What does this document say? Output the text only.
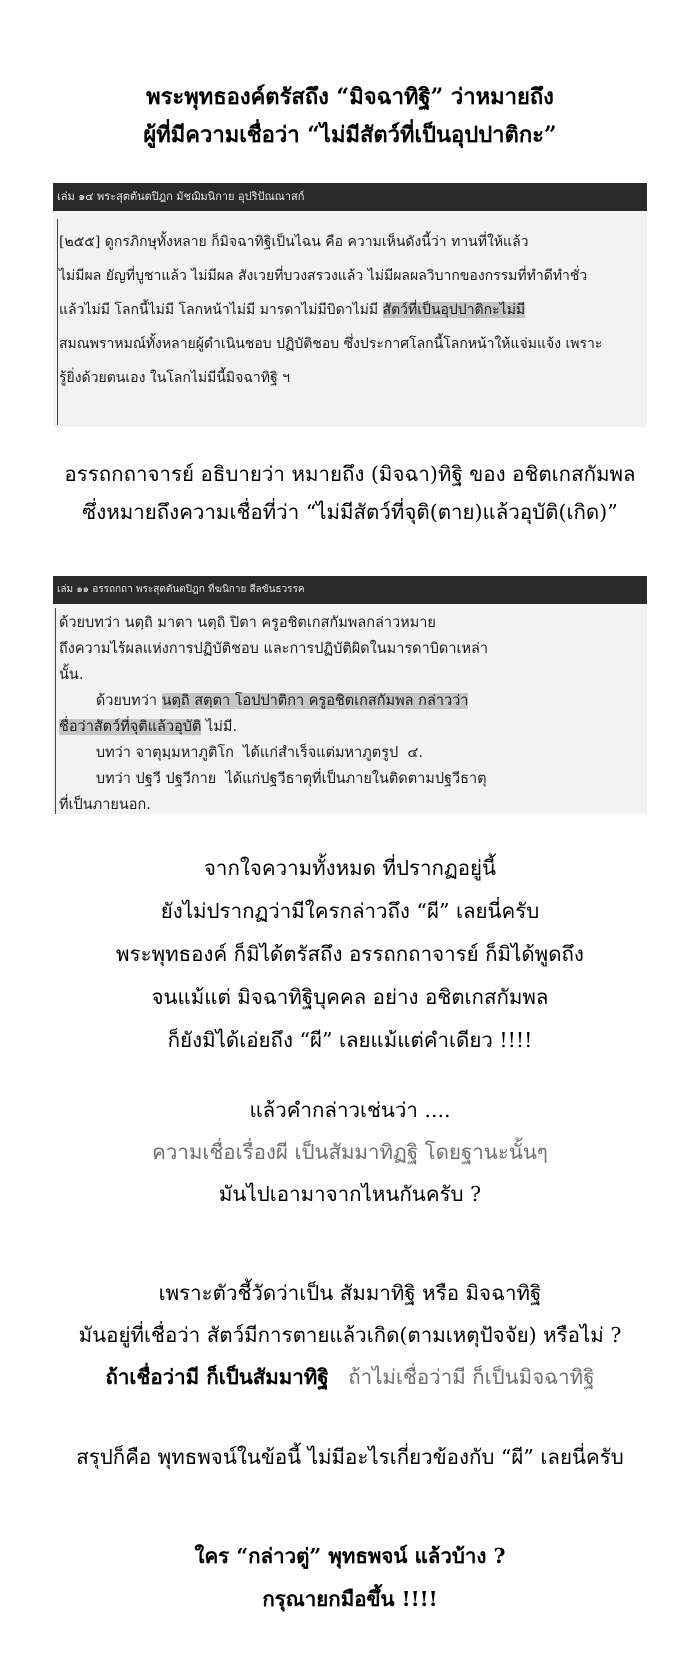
พระพุทธองค์ตรัสถึง “มิจฉาทิฐิ” ว่าหมายถึง
ผู้ที่มีความเชื่อว่า “ไม่มีสัตว์ที่เป็นอุปปาติกะ”
เล่ม ๑๔ พระสุตตันตปิฎก มัชฌิมนิกาย อุปริปัณณาสก์
[๒๕๕] ดูกรภิกษุทั้งหลาย ก็มิจฉาทิฐิเป็นไฉน คือ ความเห็นดังนี้ว่า ทานที่ให้แล้ว
ไม่มีผล ยัญที่บูชาแล้ว ไม่มีผล สังเวยที่บวงสรวงแล้ว ไม่มีผลผลวิบากของกรรมที่ทำดีทำชั่ว
แล้วไม่มี โลกนี้ไม่มี โลกหน้าไม่มี มารดาไม่มีบิดาไม่มี สัตว์ที่เป็นอุปปาติกะไม่มี
สมณพราหมณ์ทั้งหลายผู้ดำเนินชอบ ปฏิบัติชอบ ซึ่งประกาศโลกนี้โลกหน้าให้แจ่มแจ้ง เพราะ
รู้ยิ่งด้วยตนเอง ในโลกไม่มีนี้มิจฉาทิฐิ ฯ
อรรถกถาจารย์ อธิบายว่า หมายถึง (มิจฉา)ทิฐิ ของ อชิตเกสกัมพล
ซึ่งหมายถึงความเชื่อที่ว่า “ไม่มีสัตว์ที่จุติ(ตาย)แล้วอุบัติ(เกิด)”
เล่ม ๑๑ อรรถกถา พระสุตตันตปิฎก ทีฆนิกาย สีลขันธวรรค
ด้วยบทว่า นตฺถิ มาตา นตฺถิ ปิตา ครูอชิตเกสกัมพลกล่าวหมาย
ถึงความไร้ผลแห่งการปฏิบัติชอบ และการปฏิบัติผิดในมารดาบิดาเหล่า
นั้น.
ด้วยบทว่า นตฺถิ สตฺตา โอปปาติกา ครูอชิตเกสกัมพล กล่าวว่า
ชื่อว่าสัตว์ที่จุติแล้วอุบัติ ไม่มี.
บทว่า จาตุมฺมหาภูติโก  ได้แก่สำเร็จแต่มหาภูตรูป  ๔.
บทว่า ปฐวี ปฐวีกาย  ได้แก่ปฐวีธาตุที่เป็นภายในติดตามปฐวีธาตุ
ที่เป็นภายนอก.
จากใจความทั้งหมด ที่ปรากฏอยู่นี้
ยังไม่ปรากฏว่ามีใครกล่าวถึง “ผี” เลยนี่ครับ
พระพุทธองค์ ก็มิได้ตรัสถึง อรรถกถาจารย์ ก็มิได้พูดถึง
จนแม้แต่ มิจฉาทิฐิบุคคล อย่าง อชิตเกสกัมพล
ก็ยังมิได้เอ่ยถึง “ผี” เลยแม้แต่คำเดียว !!!!
แล้วคำกล่าวเช่นว่า ....
ความเชื่อเรื่องผี เป็นสัมมาทิฏฐิ โดยฐานะนั้นๆ
มันไปเอามาจากไหนกันครับ ?
เพราะตัวชี้วัดว่าเป็น สัมมาทิฐิ หรือ มิจฉาทิฐิ
มันอยู่ที่เชื่อว่า สัตว์มีการตายแล้วเกิด(ตามเหตุปัจจัย) หรือไม่ ?
ถ้าเชื่อว่ามี ก็เป็นสัมมาทิฐิ ถ้าไม่เชื่อว่ามี ก็เป็นมิจฉาทิฐิ
สรุปก็คือ พุทธพจน์ในข้อนี้ ไม่มีอะไรเกี่ยวข้องกับ “ผี” เลยนี่ครับ
ใคร “กล่าวตู่” พุทธพจน์ แล้วบ้าง ?
กรุณายกมือขึ้น !!!!
